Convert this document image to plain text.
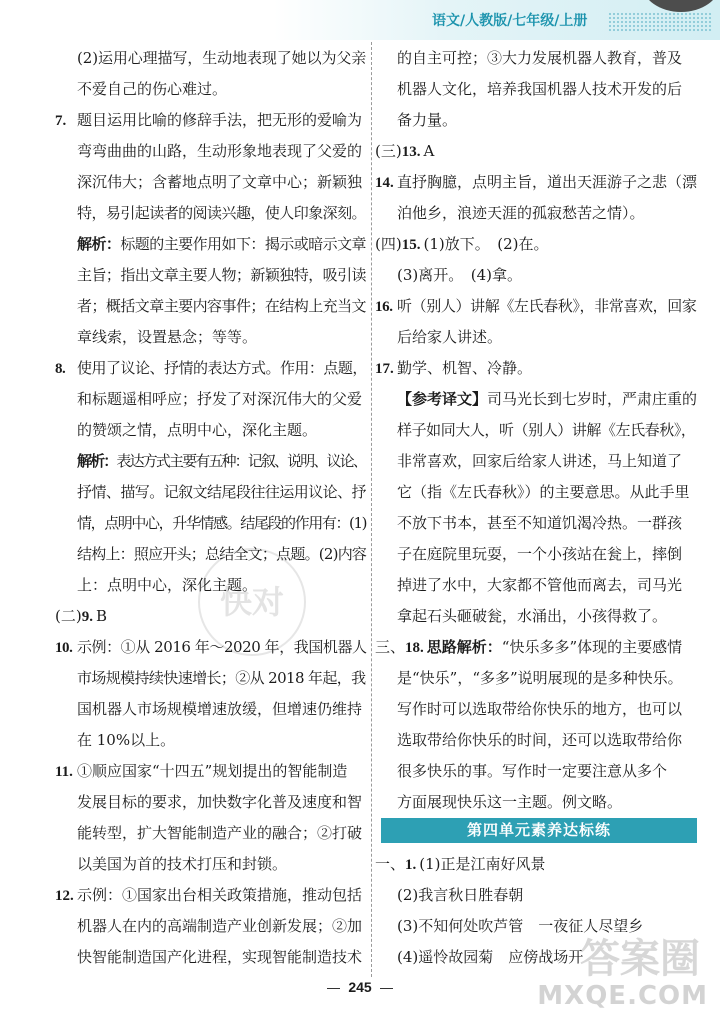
语文/人教版/七年级/上册
(2)运用心理描写，生动地表现了她以为父亲
不爱自己的伤心难过。
7. 题目运用比喻的修辞手法，把无形的爱喻为
弯弯曲曲的山路，生动形象地表现了父爱的
深沉伟大；含蓄地点明了文章中心；新颖独
特，易引起读者的阅读兴趣，使人印象深刻。
解析：标题的主要作用如下：揭示或暗示文章
主旨；指出文章主要人物；新颖独特，吸引读
者；概括文章主要内容事件；在结构上充当文
章线索，设置悬念；等等。
8. 使用了议论、抒情的表达方式。作用：点题，
和标题遥相呼应；抒发了对深沉伟大的父爱
的赞颂之情，点明中心，深化主题。
解析：表达方式主要有五种：记叙、说明、议论、
抒情、描写。记叙文结尾段往往运用议论、抒
情，点明中心，升华情感。结尾段的作用有：(1)
结构上：照应开头；总结全文；点题。(2)内容
上：点明中心，深化主题。
(二)9. B
10. 示例：①从 2016 年～2020 年，我国机器人
市场规模持续快速增长；②从 2018 年起，我
国机器人市场规模增速放缓，但增速仍维持
在 10%以上。
11. ①顺应国家“十四五”规划提出的智能制造
发展目标的要求，加快数字化普及速度和智
能转型，扩大智能制造产业的融合；②打破
以美国为首的技术打压和封锁。
12. 示例：①国家出台相关政策措施，推动包括
机器人在内的高端制造产业创新发展；②加
快智能制造国产化进程，实现智能制造技术
的自主可控；③大力发展机器人教育，普及
机器人文化，培养我国机器人技术开发的后
备力量。
(三)13. A
14. 直抒胸臆，点明主旨，道出天涯游子之悲（漂
泊他乡，浪迹天涯的孤寂愁苦之情）。
(四)15. (1)放下。　(2)在。
(3)离开。　(4)拿。
16. 听（别人）讲解《左氏春秋》，非常喜欢，回家
后给家人讲述。
17. 勤学、机智、冷静。
【参考译文】司马光长到七岁时，严肃庄重的
样子如同大人，听（别人）讲解《左氏春秋》，
非常喜欢，回家后给家人讲述，马上知道了
它（指《左氏春秋》）的主要意思。从此手里
不放下书本，甚至不知道饥渴冷热。一群孩
子在庭院里玩耍，一个小孩站在瓮上，摔倒
掉进了水中，大家都不管他而离去，司马光
拿起石头砸破瓮，水涌出，小孩得救了。
三、18. 思路解析：“快乐多多”体现的主要感情
是“快乐”，“多多”说明展现的是多种快乐。
写作时可以选取带给你快乐的地方，也可以
选取带给你快乐的时间，还可以选取带给你
很多快乐的事。写作时一定要注意从多个
方面展现快乐这一主题。例文略。
第四单元素养达标练
一、1. (1)正是江南好风景
(2)我言秋日胜春朝
(3)不知何处吹芦管　一夜征人尽望乡
(4)遥怜故园菊　应傍战场开
快对
答案圈
MXQE.COM
245
